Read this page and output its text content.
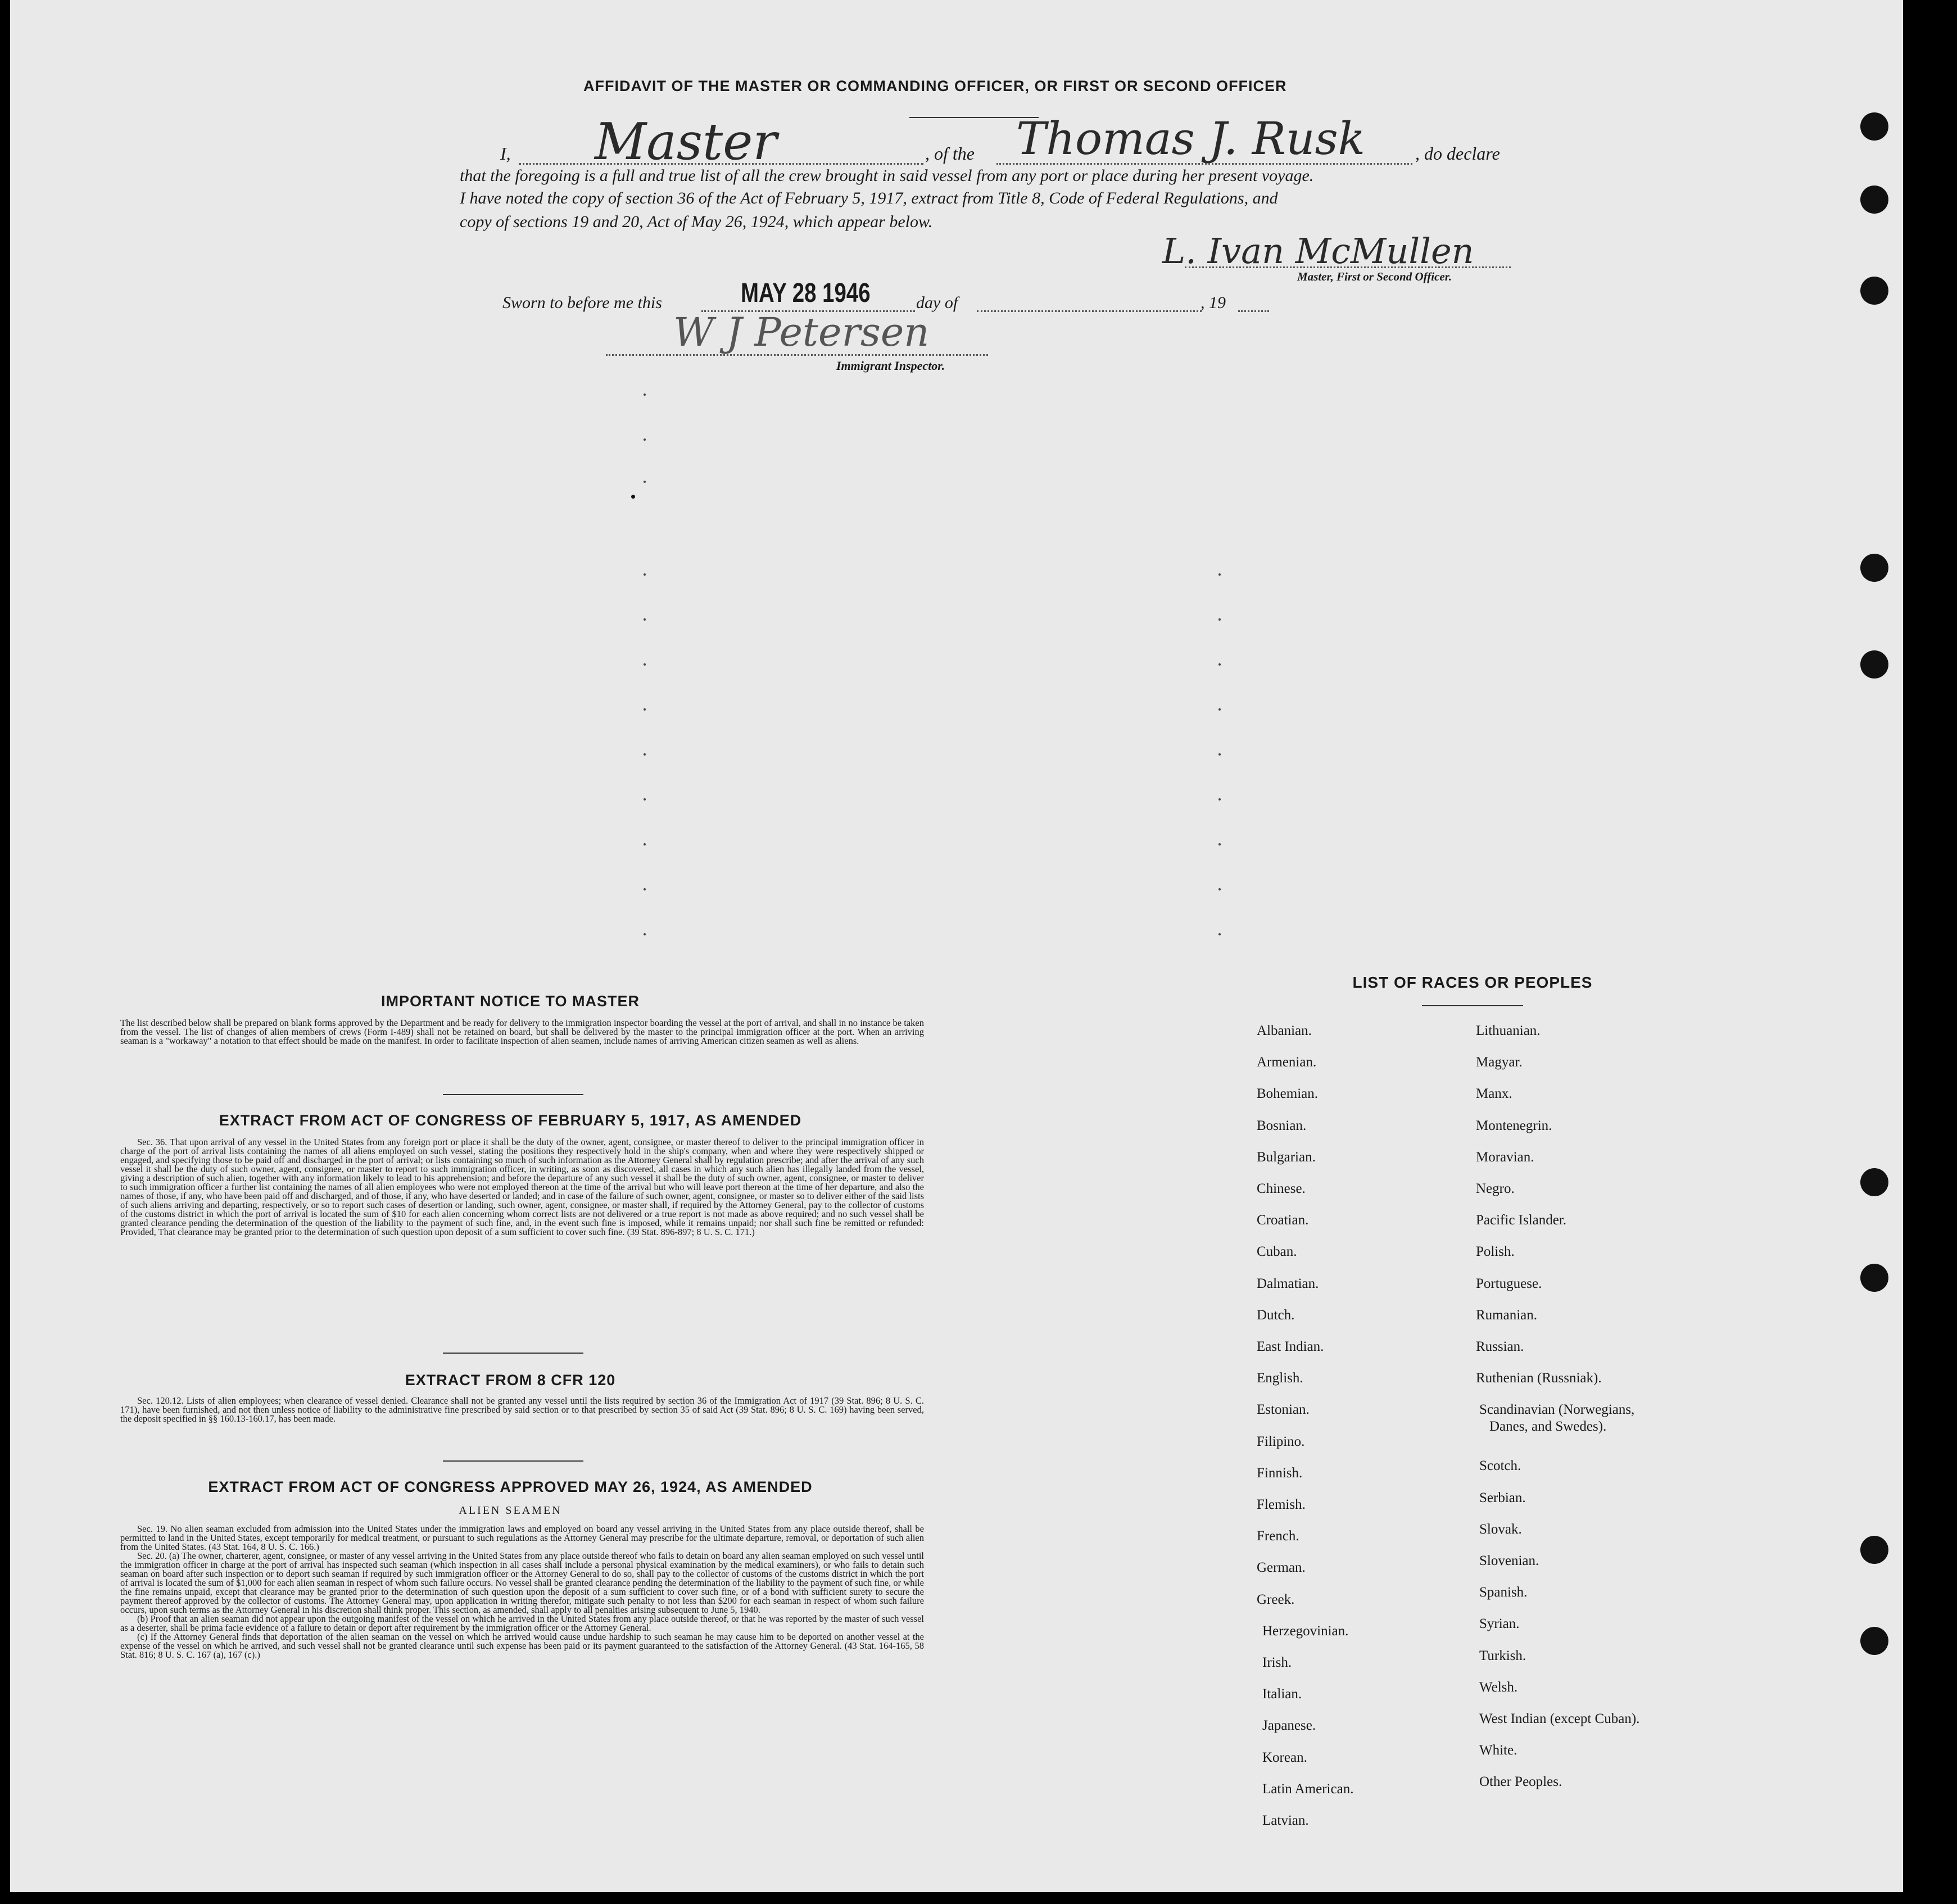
AFFIDAVIT OF THE MASTER OR COMMANDING OFFICER, OR FIRST OR SECOND OFFICER
I, Master	, of the Thomas J. Rusk	, do declare
that the foregoing is a full and true list of all the crew brought in said vessel from any port or place during her present voyage.
I have noted the copy of section 36 of the Act of February 5, 1917, extract from Title 8, Code of Federal Regulations, and
copy of sections 19 and 20, Act of May 26, 1924, which appear below.
L. Ivan McMullen
Master, First or Second Officer.
Sworn to before me this	MAY 28 1946	day of	, 19
W J Petersen
Immigrant Inspector.
IMPORTANT NOTICE TO MASTER
The list described below shall be prepared on blank forms approved by the Department and be ready for delivery to the immigration inspector boarding the vessel at the port of arrival, and shall in no instance be taken from the vessel. The list of changes of alien members of crews (Form I-489) shall not be retained on board, but shall be delivered by the master to the principal immigration officer at the port. When an arriving seaman is a "workaway" a notation to that effect should be made on the manifest. In order to facilitate inspection of alien seamen, include names of arriving American citizen seamen as well as aliens.
EXTRACT FROM ACT OF CONGRESS OF FEBRUARY 5, 1917, AS AMENDED

Sec. 36. That upon arrival of any vessel in the United States from any foreign port or place it shall be the duty of the owner, agent, consignee, or master thereof to deliver to the principal immigration officer in charge of the port of arrival lists containing the names of all aliens employed on such vessel, stating the positions they respectively hold in the ship's company, when and where they were respectively shipped or engaged, and specifying those to be paid off and discharged in the port of arrival; or lists containing so much of such information as the Attorney General shall by regulation prescribe; and after the arrival of any such vessel it shall be the duty of such owner, agent, consignee, or master to report to such immigration officer, in writing, as soon as discovered, all cases in which any such alien has illegally landed from the vessel, giving a description of such alien, together with any information likely to lead to his apprehension; and before the departure of any such vessel it shall be the duty of such owner, agent, consignee, or master to deliver to such immigration officer a further list containing the names of all alien employees who were not employed thereon at the time of the arrival but who will leave port thereon at the time of her departure, and also the names of those, if any, who have been paid off and discharged, and of those, if any, who have deserted or landed; and in case of the failure of such owner, agent, consignee, or master so to deliver either of the said lists of such aliens arriving and departing, respectively, or so to report such cases of desertion or landing, such owner, agent, consignee, or master shall, if required by the Attorney General, pay to the collector of customs of the customs district in which the port of arrival is located the sum of $10 for each alien concerning whom correct lists are not delivered or a true report is not made as above required; and no such vessel shall be granted clearance pending the determination of the question of the liability to the payment of such fine, and, in the event such fine is imposed, while it remains unpaid; nor shall such fine be remitted or refunded: Provided, That clearance may be granted prior to the determination of such question upon deposit of a sum sufficient to cover such fine. (39 Stat. 896-897; 8 U. S. C. 171.)

EXTRACT FROM 8 CFR 120

Sec. 120.12. Lists of alien employees; when clearance of vessel denied. Clearance shall not be granted any vessel until the lists required by section 36 of the Immigration Act of 1917 (39 Stat. 896; 8 U. S. C. 171), have been furnished, and not then unless notice of liability to the administrative fine prescribed by said section or to that prescribed by section 35 of said Act (39 Stat. 896; 8 U. S. C. 169) having been served, the deposit specified in §§ 160.13-160.17, has been made.

EXTRACT FROM ACT OF CONGRESS APPROVED MAY 26, 1924, AS AMENDED
ALIEN SEAMEN

Sec. 19. No alien seaman excluded from admission into the United States under the immigration laws and employed on board any vessel arriving in the United States from any place outside thereof, shall be permitted to land in the United States, except temporarily for medical treatment, or pursuant to such regulations as the Attorney General may prescribe for the ultimate departure, removal, or deportation of such alien from the United States. (43 Stat. 164, 8 U. S. C. 166.)

Sec. 20. (a) The owner, charterer, agent, consignee, or master of any vessel arriving in the United States from any place outside thereof who fails to detain on board any alien seaman employed on such vessel until the immigration officer in charge at the port of arrival has inspected such seaman (which inspection in all cases shall include a personal physical examination by the medical examiners), or who fails to detain such seaman on board after such inspection or to deport such seaman if required by such immigration officer or the Attorney General to do so, shall pay to the collector of customs of the customs district in which the port of arrival is located the sum of $1,000 for each alien seaman in respect of whom such failure occurs. No vessel shall be granted clearance pending the determination of the liability to the payment of such fine, or while the fine remains unpaid, except that clearance may be granted prior to the determination of such question upon the deposit of a sum sufficient to cover such fine, or of a bond with sufficient surety to secure the payment thereof approved by the collector of customs. The Attorney General may, upon application in writing therefor, mitigate such penalty to not less than $200 for each seaman in respect of whom such failure occurs, upon such terms as the Attorney General in his discretion shall think proper. This section, as amended, shall apply to all penalties arising subsequent to June 5, 1940.

(b) Proof that an alien seaman did not appear upon the outgoing manifest of the vessel on which he arrived in the United States from any place outside thereof, or that he was reported by the master of such vessel as a deserter, shall be prima facie evidence of a failure to detain or deport after requirement by the immigration officer or the Attorney General.

(c) If the Attorney General finds that deportation of the alien seaman on the vessel on which he arrived would cause undue hardship to such seaman he may cause him to be deported on another vessel at the expense of the vessel on which he arrived, and such vessel shall not be granted clearance until such expense has been paid or its payment guaranteed to the satisfaction of the Attorney General. (43 Stat. 164-165, 58 Stat. 816; 8 U. S. C. 167 (a), 167 (c).)

LIST OF RACES OR PEOPLES
Albanian.
Armenian.
Bohemian.
Bosnian.
Bulgarian.
Chinese.
Croatian.
Cuban.
Dalmatian.
Dutch.
East Indian.
English.
Estonian.
Filipino.
Finnish.
Flemish.
French.
German.
Greek.
Herzegovinian.
Irish.
Italian.
Japanese.
Korean.
Latin American.
Latvian.
Lithuanian.
Magyar.
Manx.
Montenegrin.
Moravian.
Negro.
Pacific Islander.
Polish.
Portuguese.
Rumanian.
Russian.
Ruthenian (Russniak).
Scandinavian (Norwegians,
Danes, and Swedes).
Scotch.
Serbian.
Slovak.
Slovenian.
Spanish.
Syrian.
Turkish.
Welsh.
West Indian (except Cuban).
White.
Other Peoples.
